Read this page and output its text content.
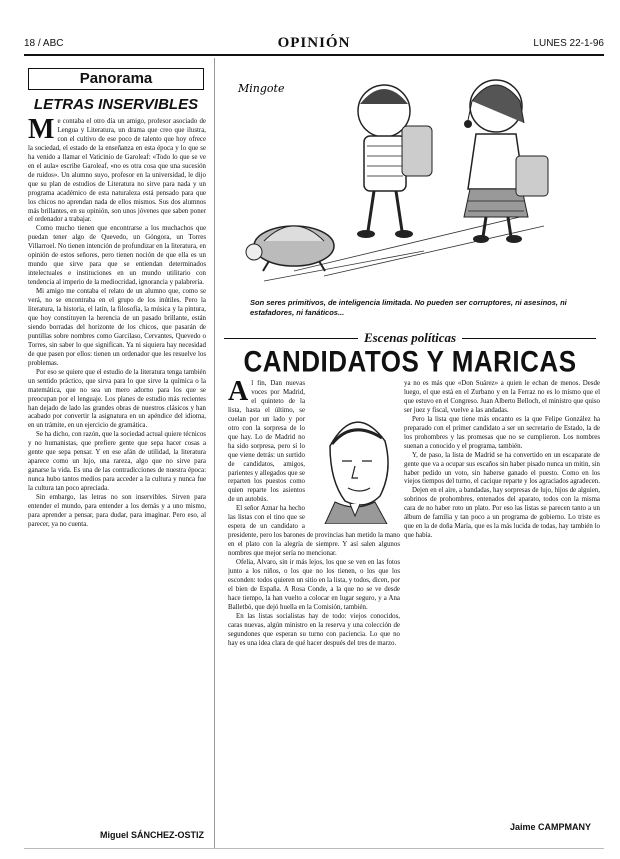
18 / ABC	OPINIÓN	LUNES 22-1-96
Panorama
LETRAS INSERVIBLES

Me contaba el otro día un amigo, profesor asociado de Lengua y Literatura, un drama que creo que ilustra, con el cultivo de ese poco de talento que hoy ofrece la sociedad, el estado de la enseñanza en esta época y lo que se ha venido a llamar el Vaticinio de Garoleaf: «Todo lo que se ve en el aula» escribe Garoleaf, «no es otra cosa que una sucesión de ruidos». Un alumno suyo, profesor en la universidad, le dijo que su plan de estudios de Literatura no sirve para nada y un programa académico de esta naturaleza está pensado para que los chicos no aprendan nada de ellos mismos. Sus dos alumnos más brillantes, en su opinión, son unos jóvenes que saben poner el ordenador a trabajar.

Como mucho tienen que encontrarse a los muchachos que puedan tener algo de Quevedo, un Góngora, un Torres Villarroel. No tienen intención de profundizar en la literatura, en opinión de estos señores, pero tienen noción de que ella es un mundo que sirve para que se entiendan determinados intelectuales e instituciones en un mundo utilitario con tendencia al imperio de la mediocridad, ignorancia y palabrería.

Mi amigo me contaba el relato de un alumno que, como se verá, no se encontraba en el grupo de los inútiles. Pero la literatura, la historia, el latín, la filosofía, la música y la pintura, que hoy constituyen la herencia de un pasado brillante, están siendo borradas del horizonte de los chicos, que pasarán de puntillas sobre nombres como Garcilaso, Cervantes, Quevedo o Torres, sin saber lo que significan. Ya ni siquiera hay necesidad de que pasen por ellos: tienen un ordenador que les resuelve los problemas.

Por eso se quiere que el estudio de la literatura tenga también un sentido práctico, que sirva para lo que sirve la química o la matemática, que no sea un mero adorno para los que se preocupan por el lenguaje. Los planes de estudio más recientes han dejado de lado las grandes obras de nuestros clásicos y han acabado por convertir la asignatura en un apéndice del idioma, en un trámite, en un ejercicio de gramática.

Se ha dicho, con razón, que la sociedad actual quiere técnicos y no humanistas, que prefiere gente que sepa hacer cosas a gente que sepa pensar. Y en ese afán de utilidad, la literatura aparece como un lujo, una rareza, algo que no sirve para ganarse la vida. Es una de las contradicciones de nuestra época: nunca hubo tantos medios para acceder a la cultura y nunca fue la cultura tan poco apreciada.

Sin embargo, las letras no son inservibles. Sirven para entender el mundo, para entender a los demás y a uno mismo, para aprender a pensar, para dudar, para imaginar. Pero eso, al parecer, ya no cuenta.

Miguel SÁNCHEZ-OSTIZ
Mingote
Son seres primitivos, de inteligencia limitada. No pueden ser corruptores, ni asesinos, ni estafadores, ni fanáticos...
Escenas políticas
CANDIDATOS Y MARICAS

Al fin, Dan nuevas voces por Madrid, el quinteto de la lista, hasta el último, se cuelan por un lado y por otro con la sorpresa de lo que hay. Lo de Madrid no ha sido sorpresa, pero sí lo que viene detrás: un surtido de candidatos, amigos, parientes y allegados que se reparten los puestos como quien reparte los asientos de un autobús.

El señor Aznar ha hecho las listas con el tino que se espera de un candidato a presidente, pero los barones de provincias han metido la mano en el plato con la alegría de siempre. Y así salen algunos nombres que mejor sería no mencionar.

Ofelia, Alvaro, sin ir más lejos, los que se ven en las fotos junto a los niños, o los que no los tienen, o los que los esconden: todos quieren un sitio en la lista, y todos, dicen, por el bien de España. A Rosa Conde, a la que no se ve desde hace tiempo, la han vuelto a colocar en lugar seguro, y a Ana Balletbó, que dejó huella en la Comisión, también.

En las listas socialistas hay de todo: viejos conocidos, caras nuevas, algún ministro en la reserva y una colección de segundones que esperan su turno con paciencia. Lo que no hay es una idea clara de qué hacer después del tres de marzo.

ya no es más que «Don Suárez» a quien le echan de menos. Desde luego, el que está en el Zurbano y en la Ferraz no es lo mismo que el que estuvo en el Congreso. Juan Alberto Belloch, el ministro que quiso ser juez y fiscal, vuelve a las andadas.

Pero la lista que tiene más encanto es la que Felipe González ha preparado con el primer candidato a ser un secretario de Estado, la de los prohombres y las promesas que no se cumplieron. Los nombres suenan a conocido y el programa, también.

Y, de paso, la lista de Madrid se ha convertido en un escaparate de gente que va a ocupar sus escaños sin haber pisado nunca un mitin, sin haber pedido un voto, sin haberse ganado el puesto. Como en los viejos tiempos del turno, el cacique reparte y los agraciados agradecen.

Dejen en el aire, a bandadas, hay sorpresas de lujo, hijos de alguien, sobrinos de prohombres, entenados del aparato, todos con la misma cara de no haber roto un plato. Por eso las listas se parecen tanto a un álbum de familia y tan poco a un programa de gobierno. Lo triste es que en la de doña María, que es la más lucida de todas, hay también lo que había.

Jaime CAMPMANY
